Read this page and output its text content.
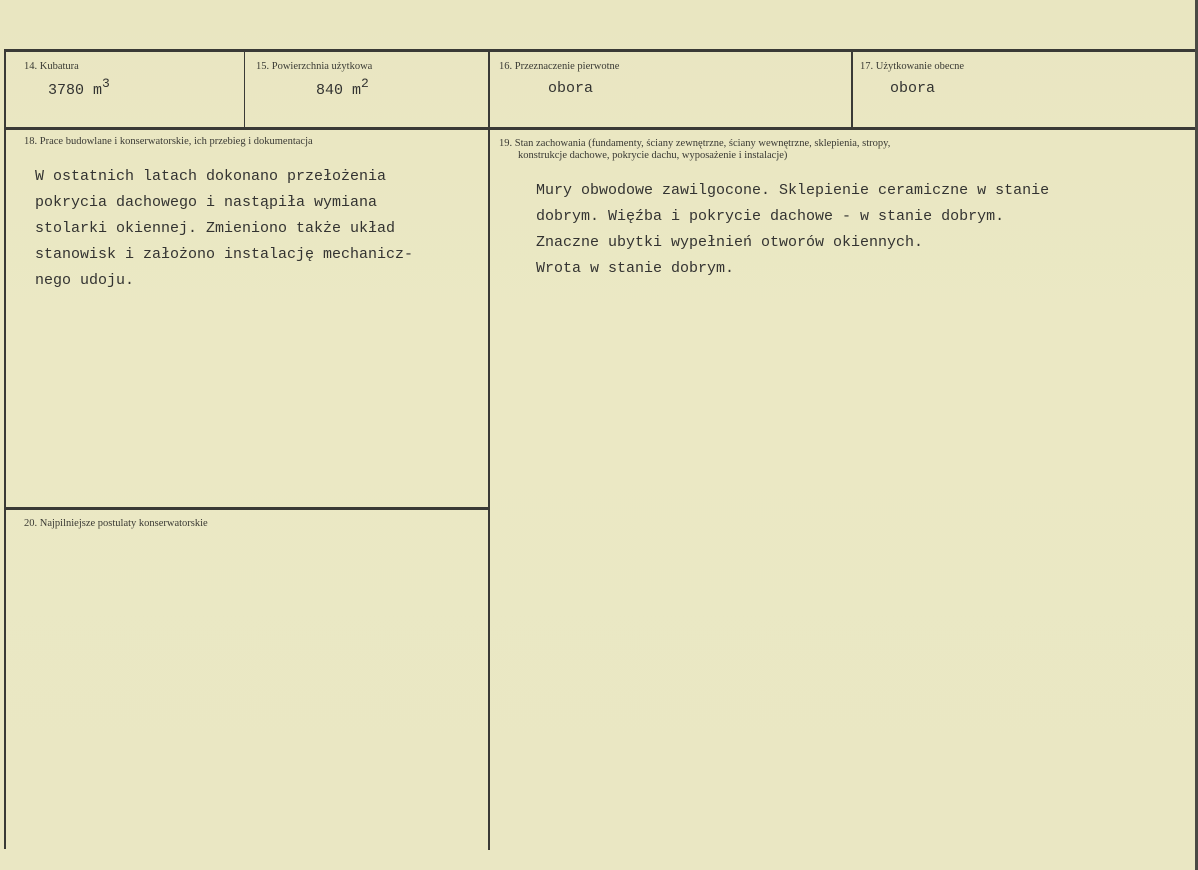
14. Kubatura
3780 $m^3$
15. Powierzchnia użytkowa
840 $m^2$
16. Przeznaczenie pierwotne
obora
17. Użytkowanie obecne
obora
18. Prace budowlane i konserwatorskie, ich przebieg i dokumentacja
W ostatnich latach dokonano przełożenia
pokrycia dachowego i nastąpiła wymiana
stolarki okiennej. Zmieniono także układ
stanowisk i założono instalację mechanicz-
nego udoju.
19. Stan zachowania (fundamenty, ściany zewnętrzne, ściany wewnętrzne, sklepienia, stropy,
konstrukcje dachowe, pokrycie dachu, wyposażenie i instalacje)
Mury obwodowe zawilgocone. Sklepienie ceramiczne w stanie
dobrym. Więźba i pokrycie dachowe - w stanie dobrym.
Znaczne ubytki wypełnień otworów okiennych.
Wrota w stanie dobrym.
20. Najpilniejsze postulaty konserwatorskie
